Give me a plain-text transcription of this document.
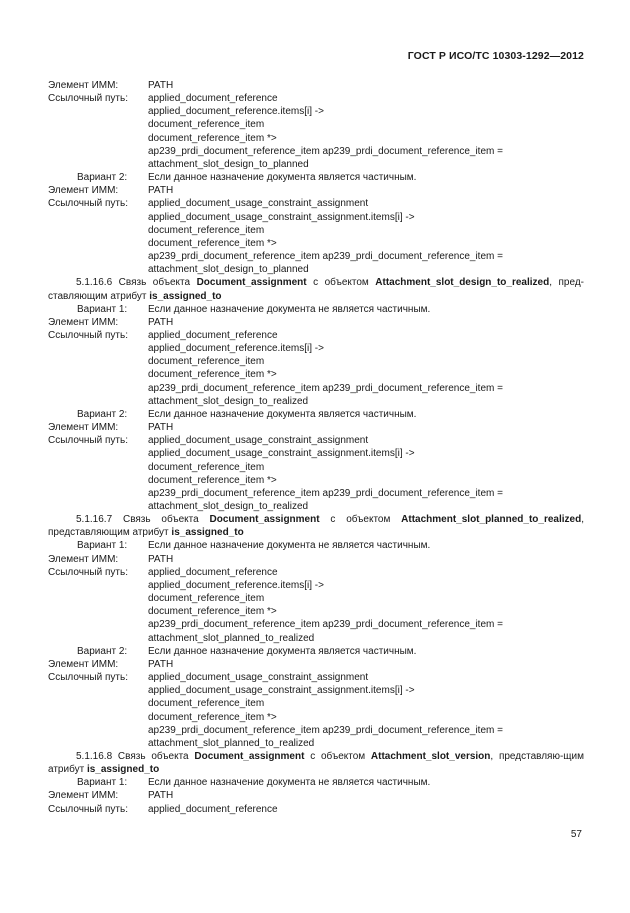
ГОСТ Р ИСО/ТС 10303-1292—2012
Элемент ИММ:	PATH
Ссылочный путь:	applied_document_reference
applied_document_reference.items[i] ->
document_reference_item
document_reference_item *>
ap239_prdi_document_reference_item ap239_prdi_document_reference_item =
attachment_slot_design_to_planned
Вариант 2:	Если данное назначение документа является частичным.
Элемент ИММ:	PATH
Ссылочный путь:	applied_document_usage_constraint_assignment
applied_document_usage_constraint_assignment.items[i] ->
document_reference_item
document_reference_item *>
ap239_prdi_document_reference_item ap239_prdi_document_reference_item =
attachment_slot_design_to_planned
5.1.16.6 Связь объекта Document_assignment с объектом Attachment_slot_design_to_realized, пред-ставляющим атрибут is_assigned_to
Вариант 1:	Если данное назначение документа не является частичным.
Элемент ИММ:	PATH
Ссылочный путь:	applied_document_reference
applied_document_reference.items[i] ->
document_reference_item
document_reference_item *>
ap239_prdi_document_reference_item ap239_prdi_document_reference_item =
attachment_slot_design_to_realized
Вариант 2:	Если данное назначение документа является частичным.
Элемент ИММ:	PATH
Ссылочный путь:	applied_document_usage_constraint_assignment
applied_document_usage_constraint_assignment.items[i] ->
document_reference_item
document_reference_item *>
ap239_prdi_document_reference_item ap239_prdi_document_reference_item =
attachment_slot_design_to_realized
5.1.16.7 Связь объекта Document_assignment с объектом Attachment_slot_planned_to_realized, представляющим атрибут is_assigned_to
Вариант 1:	Если данное назначение документа не является частичным.
Элемент ИММ:	PATH
Ссылочный путь:	applied_document_reference
applied_document_reference.items[i] ->
document_reference_item
document_reference_item *>
ap239_prdi_document_reference_item ap239_prdi_document_reference_item =
attachment_slot_planned_to_realized
Вариант 2:	Если данное назначение документа является частичным.
Элемент ИММ:	PATH
Ссылочный путь:	applied_document_usage_constraint_assignment
applied_document_usage_constraint_assignment.items[i] ->
document_reference_item
document_reference_item *>
ap239_prdi_document_reference_item ap239_prdi_document_reference_item =
attachment_slot_planned_to_realized
5.1.16.8 Связь объекта Document_assignment с объектом Attachment_slot_version, представляю-щим атрибут is_assigned_to
Вариант 1:	Если данное назначение документа не является частичным.
Элемент ИММ:	PATH
Ссылочный путь:	applied_document_reference
57
